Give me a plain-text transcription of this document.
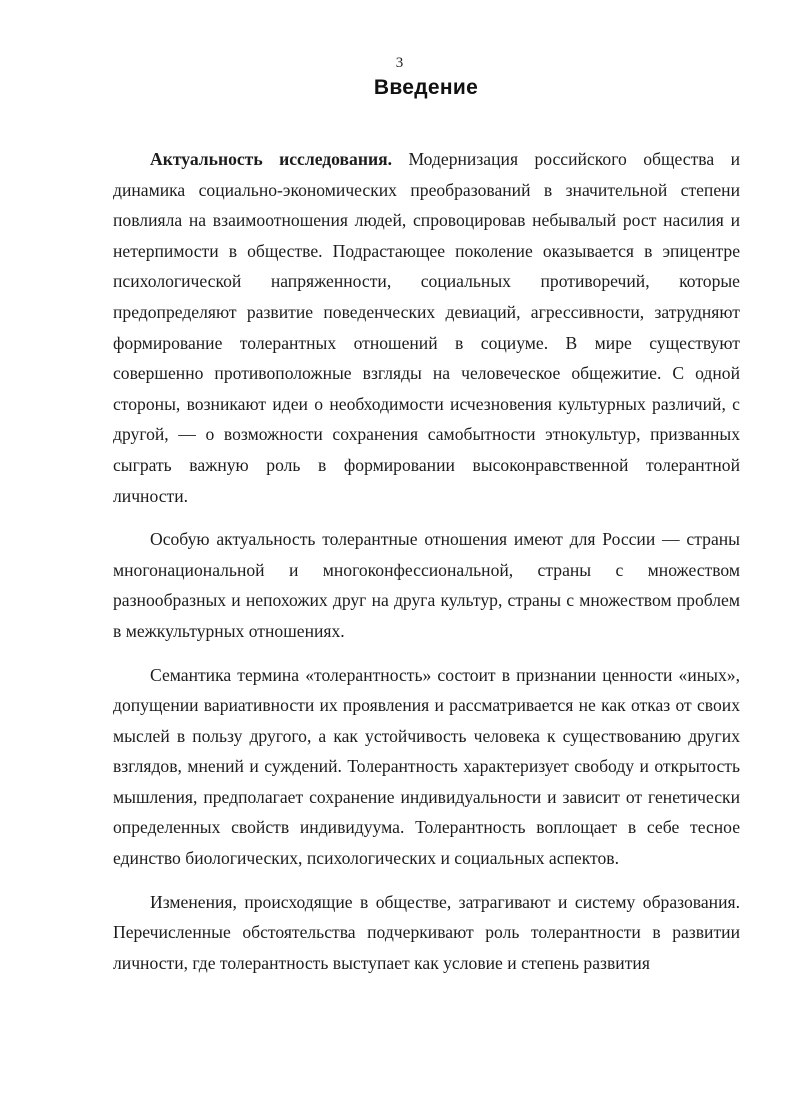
3
Введение

Актуальность исследования. Модернизация российского общества и динамика социально-экономических преобразований в значительной степени повлияла на взаимоотношения людей, спровоцировав небывалый рост насилия и нетерпимости в обществе. Подрастающее поколение оказывается в эпицентре психологической напряженности, социальных противоречий, которые предопределяют развитие поведенческих девиаций, агрессивности, затрудняют формирование толерантных отношений в социуме. В мире существуют совершенно противоположные взгляды на человеческое общежитие. С одной стороны, возникают идеи о необходимости исчезновения культурных различий, с другой, — о возможности сохранения самобытности этнокультур, призванных сыграть важную роль в формировании высоконравственной толерантной личности.

Особую актуальность толерантные отношения имеют для России — страны многонациональной и многоконфессиональной, страны с множеством разнообразных и непохожих друг на друга культур, страны с множеством проблем в межкультурных отношениях.

Семантика термина «толерантность» состоит в признании ценности «иных», допущении вариативности их проявления и рассматривается не как отказ от своих мыслей в пользу другого, а как устойчивость человека к существованию других взглядов, мнений и суждений. Толерантность характеризует свободу и открытость мышления, предполагает сохранение индивидуальности и зависит от генетически определенных свойств индивидуума. Толерантность воплощает в себе тесное единство биологических, психологических и социальных аспектов.

Изменения, происходящие в обществе, затрагивают и систему образования. Перечисленные обстоятельства подчеркивают роль толерантности в развитии личности, где толерантность выступает как условие и степень развития
